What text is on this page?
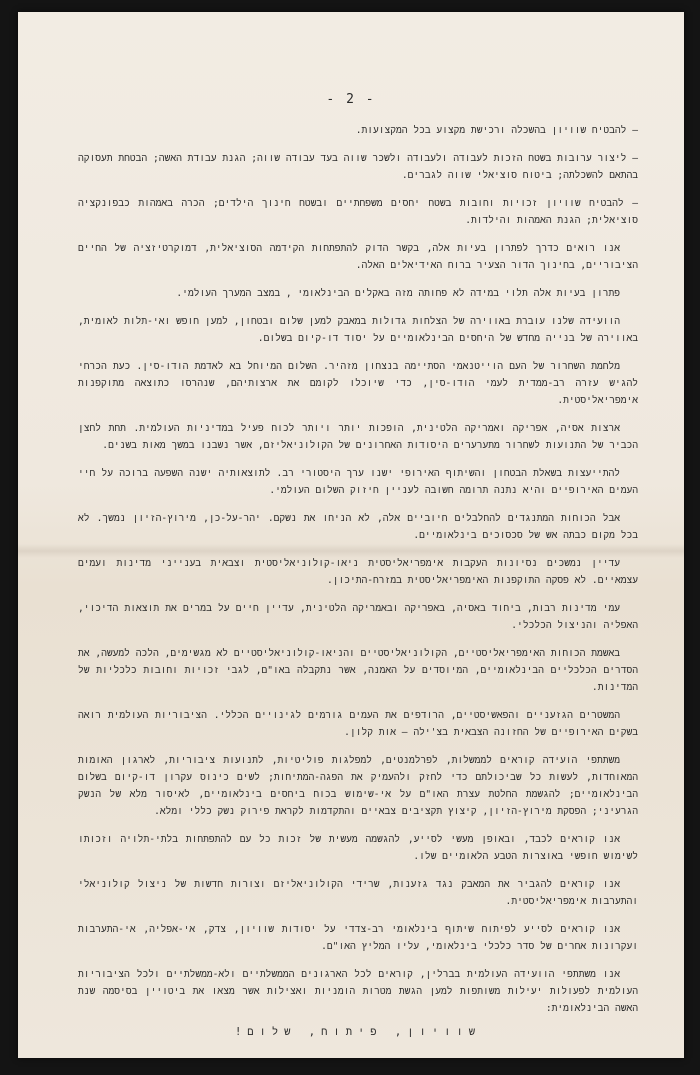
- 2 -

– להבטיח שוויון בהשכלה ורכישת מקצוע בכל המקצועות.

– ליצור ערובות בשטח הזכות לעבודה ולעבודה ולשכר שווה בעד עבודה שווה; הגנת עבודת האשה; הבטחת תעסוקה בהתאם להשכלתה; ביטוח סוציאלי שווה לגברים.

– להבטיח שוויון זכויות וחובות בשטח יחסים משפחתיים ובשטח חינוך הילדים; הכרה באמהות כבפונקציה סוציאלית; הגנת האמהות והילדות.

אנו רואים כדרך לפתרון בעיות אלה, בקשר הדוק להתפתחות הקידמה הסוציאלית, דמוקרטיזציה של החיים הציבוריים, בחינוך הדור הצעיר ברוח האידיאלים האלה.

פתרון בעיות אלה תלוי במידה לא פחותה מזה באקלים הבינלאומי , במצב המערך העולמי.

הוועידה שלנו עוברת באווירה של הצלחות גדולות במאבק למען שלום ובטחון, למען חופש ואי-תלות לאומית, באווירה של בנייה מחדש של היחסים הבינלאומיים על יסוד דו-קיום בשלום.

מלחמת השחרור של העם הוייטנאמי הסתיימה בנצחון מזהיר. השלום המיוחל בא לאדמת הודו-סין. כעת הכרחי להגיש עזרה רב-ממדית לעמי הודו-סין, כדי שיוכלו לקומם את ארצותיהם, שנהרסו כתוצאה מתוקפנות אימפריאליסטית.

ארצות אסיה, אפריקה ואמריקה הלטינית, הופכות יותר ויותר לכוח פעיל במדיניות העולמית. תחת לחצן הכביר של התנועות לשחרור מתערערים היסודות האחרונים של הקולוניאליזם, אשר נשבנו במשך מאות בשנים.

להתייעצות בשאלת הבטחון והשיתוף האירופי ישנו ערך היסטורי רב. לתוצאותיה ישנה השפעה ברוכה על חיי העמים האירופיים והיא נתנה תרומה חשובה לעניין חיזוק השלום העולמי.

אבל הכוחות המתנגדים להחלבלים חיוביים אלה, לא הניחו את נשקם. יהר-על-כן, מירוץ-הזיון נמשך. לא בכל מקום כבתה אש של סכסוכים בינלאומיים.

עדיין נמשכים נסיונות העקבות אימפריאליסטית ניאו-קולוניאליסטית וצבאית בענייני מדינות ועמים עצמאיים. לא פסקה התוקפנות האימפריאליסטית במזרח-התיכון.

עמי מדינות רבות, ביחוד באסיה, באפריקה ובאמריקה הלטינית, עדיין חיים על במרים את תוצאות הדיכוי, האפליה והניצול הכלכלי.

באשמת הכוחות האימפריאליסטיים, הקולוניאליסטיים והניאו-קולוניאליסטיים לא מגשימים, הלכה למעשה, את הסדרים הכלכליים הבינלאומיים, המיוסדים על האמנה, אשר נתקבלה באו"ם, לגבי זכויות וחובות כלכליות של המדינות.

המשטרים הגזעניים והפאשיסטיים, הרודפים את העמים גורמים לגינויים הכללי. הציבוריות העולמית רואה בשקים האירופיים של החזונה הצבאית בצ'ילה – אות קלון.

משתתפי הועידה קוראים לממשלות, לפרלמנטים, למפלגות פוליטיות, לתנועות ציבוריות, לארגון האומות המאוחדות, לעשות כל שביכולתם כדי לחזק ולהעמיק את הפגה-המתיחות; לשים כינוס עקרון דו-קיום בשלום הבינלאומיים; להגשמת החלטת עצרת האו"ם על אי-שימוש בכוח ביחסים בינלאומיים, לאיסור מלא של הנשק הגרעיני; הפסקת מירוץ-הזיון, קיצוץ תקציבים צבאיים והתקדמות לקראת פירוק נשק כללי ומלא.

אנו קוראים לכבד, ובאופן מעשי לסייע, להגשמה מעשית של זכות כל עם להתפתחות בלתי-תלויה וזכותו לשימוש חופשי באוצרות הטבע הלאומיים שלו.

אנו קוראים להגביר את המאבק נגד גזענות, שרידי הקולוניאליזם וצורות חדשות של ניצול קולוניאלי והתערבות אימפריאליסטית.

אנו קוראים לסייע לפיתוח שיתוף בינלאומי רב-צדדי על יסודות שוויון, צדק, אי-אפליה, אי-התערבות ועקרונות אחרים של סדר כלכלי בינלאומי, עליו המליץ האו"ם.

אנו משתתפי הוועידה העולמית בברלין, קוראים לכל הארגונים הממשלתיים ולא-ממשלתיים ולכל הציבוריות העולמית לפעולות יעילות משותפות למען הגשת מטרות הומניות ואצילות אשר מצאו את ביטויין בסיסמה שנת האשה הבינלאומית:

שוויון, פיתוח, שלום!
